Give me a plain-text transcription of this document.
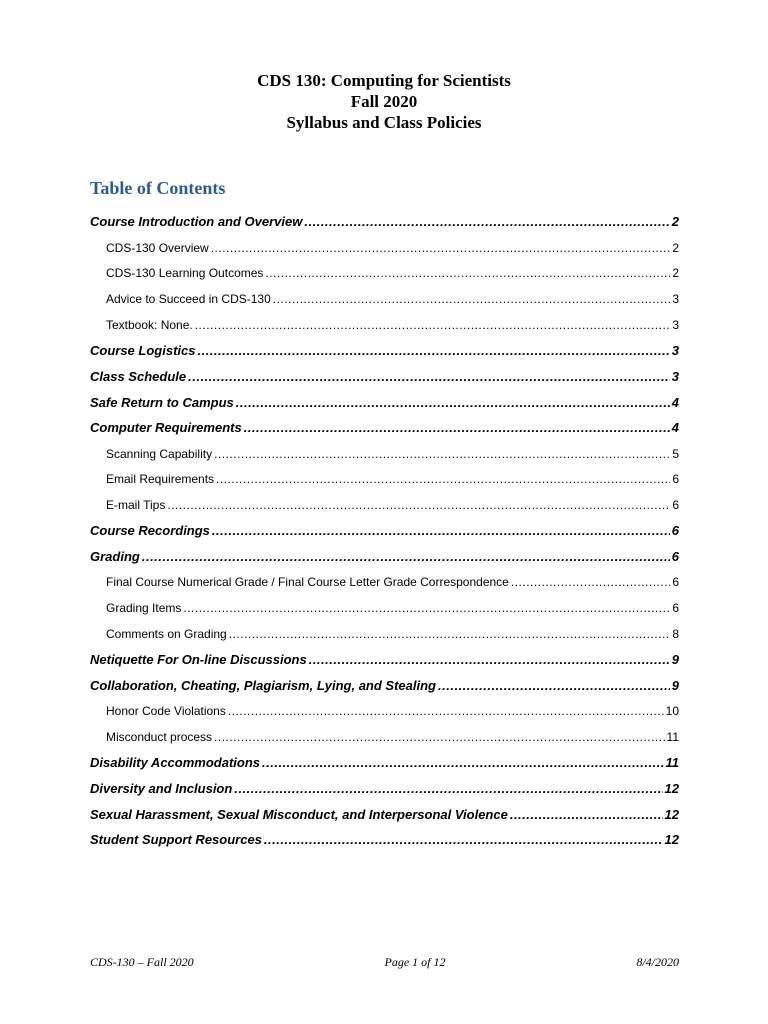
CDS 130: Computing for Scientists
Fall 2020
Syllabus and Class Policies
Table of Contents
Course Introduction and Overview .....	2
CDS-130 Overview .....	2
CDS-130 Learning Outcomes .....	2
Advice to Succeed in CDS-130 .....	3
Textbook: None. .....	3
Course Logistics .....	3
Class Schedule .....	3
Safe Return to Campus .....	4
Computer Requirements .....	4
Scanning Capability .....	5
Email Requirements .....	6
E-mail Tips .....	6
Course Recordings .....	6
Grading .....	6
Final Course Numerical Grade / Final Course Letter Grade Correspondence .....	6
Grading Items .....	6
Comments on Grading .....	8
Netiquette For On-line Discussions .....	9
Collaboration, Cheating, Plagiarism, Lying, and Stealing .....	9
Honor Code Violations .....	10
Misconduct process .....	11
Disability Accommodations .....	11
Diversity and Inclusion .....	12
Sexual Harassment, Sexual Misconduct, and Interpersonal Violence .....	12
Student Support Resources .....	12
CDS-130 – Fall 2020	Page 1 of 12	8/4/2020
